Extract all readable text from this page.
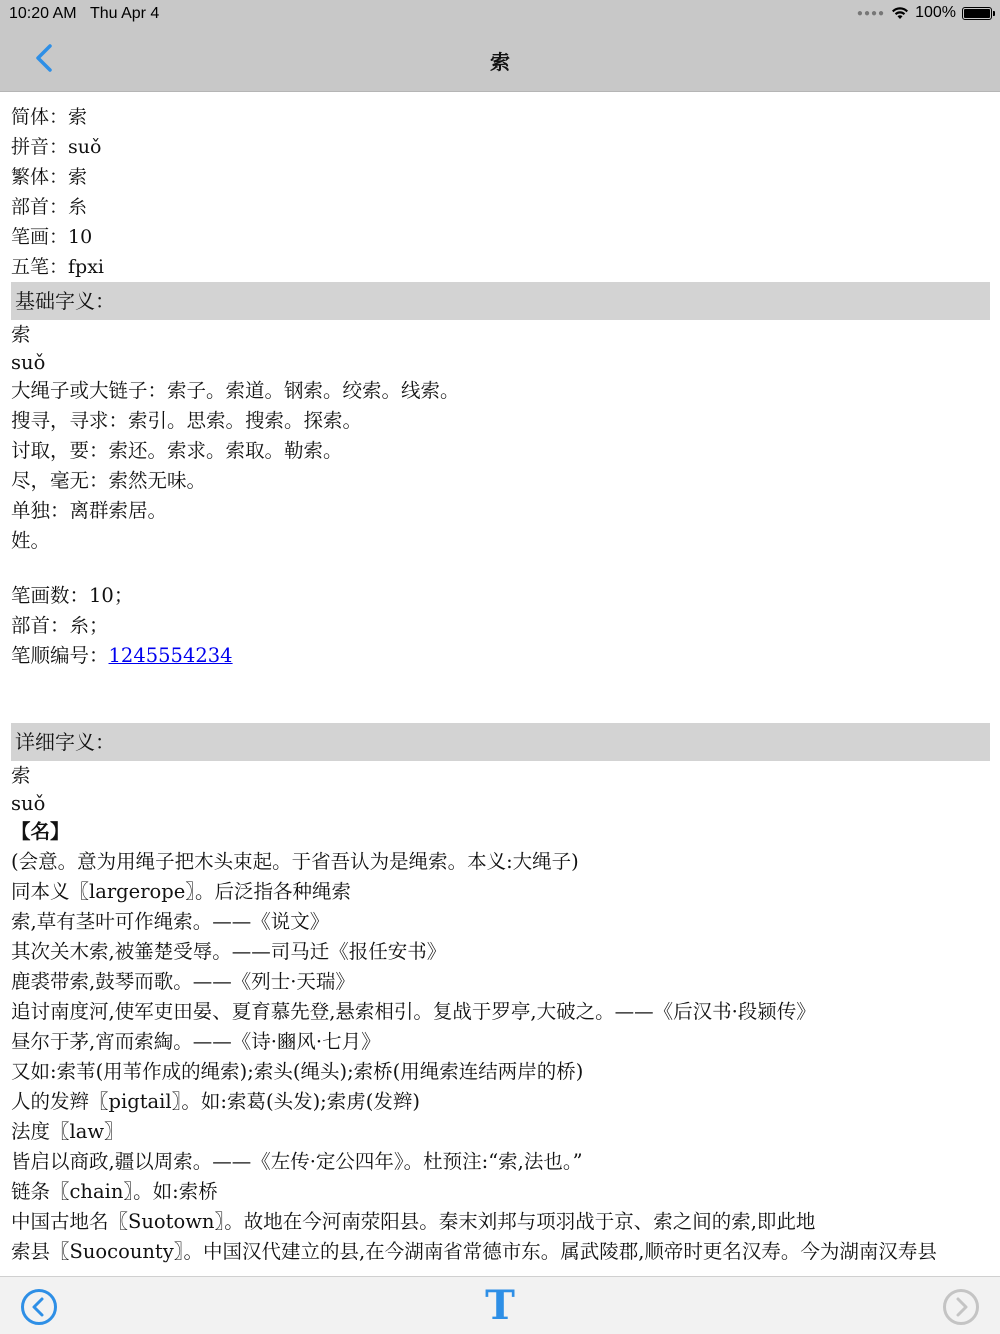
10:20 AM Thu Apr 4	●●●● 100%
索
简体：索
拼音：suǒ
繁体：索
部首：糸
笔画：10
五笔：fpxi
基础字义：
索
suǒ
大绳子或大链子：索子。索道。钢索。绞索。线索。
搜寻，寻求：索引。思索。搜索。探索。
讨取，要：索还。索求。索取。勒索。
尽，毫无：索然无味。
单独：离群索居。
姓。
笔画数：10；
部首：糸；
笔顺编号：1245554234
详细字义：
索
suǒ
【名】
(会意。意为用绳子把木头束起。于省吾认为是绳索。本义:大绳子)
同本义〖largerope〗。后泛指各种绳索
索,草有茎叶可作绳索。——《说文》
其次关木索,被箠楚受辱。——司马迁《报任安书》
鹿裘带索,鼓琴而歌。——《列士·天瑞》
追讨南度河,使军吏田晏、夏育慕先登,悬索相引。复战于罗亭,大破之。——《后汉书·段颍传》
昼尔于茅,宵而索綯。——《诗·豳风·七月》
又如:索苇(用苇作成的绳索);索头(绳头);索桥(用绳索连结两岸的桥)
人的发辫〖pigtail〗。如:索葛(头发);索虏(发辫)
法度〖law〗
皆启以商政,疆以周索。——《左传·定公四年》。杜预注:“索,法也。”
链条〖chain〗。如:索桥
中国古地名〖Suotown〗。故地在今河南荥阳县。秦末刘邦与项羽战于京、索之间的索,即此地
索县〖Suocounty〗。中国汉代建立的县,在今湖南省常德市东。属武陵郡,顺帝时更名汉寿。今为湖南汉寿县
T
